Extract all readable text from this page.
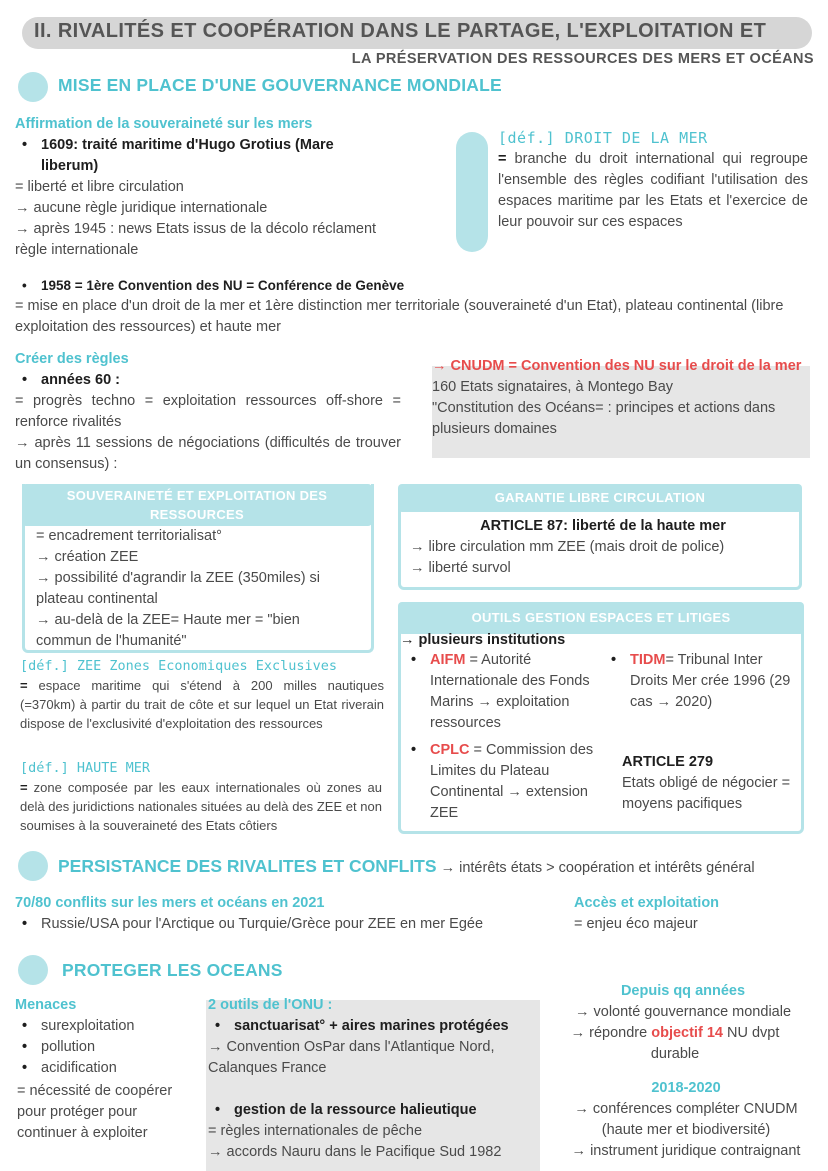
II. RIVALITÉS ET COOPÉRATION DANS LE PARTAGE, L'EXPLOITATION ET
LA PRÉSERVATION DES RESSOURCES DES MERS ET OCÉANS
MISE EN PLACE D'UNE GOUVERNANCE MONDIALE

Affirmation de la souveraineté sur les mers

• 1609: traité maritime d'Hugo Grotius (Mare liberum)

= liberté et libre circulation

→ aucune règle juridique internationale

→ après 1945 : news Etats issus de la décolo réclament règle internationale

[déf.] DROIT DE LA MER

= branche du droit international qui regroupe l'ensemble des règles codifiant l'utilisation des espaces maritime par les Etats et l'exercice de leur pouvoir sur ces espaces

• 1958 = 1ère Convention des NU = Conférence de Genève

= mise en place d'un droit de la mer et 1ère distinction mer territoriale (souveraineté d'un Etat), plateau continental (libre exploitation des ressources) et haute mer

Créer des règles

• années 60 :

= progrès techno = exploitation ressources off-shore = renforce rivalités

→ après 11 sessions de négociations (difficultés de trouver un consensus) :

→ CNUDM = Convention des NU sur le droit de la mer

160 Etats signataires, à Montego Bay

"Constitution des Océans= : principes et actions dans plusieurs domaines

SOUVERAINETÉ ET EXPLOITATION DES RESSOURCES

= encadrement territorialisat°

→ création ZEE

→ possibilité d'agrandir la ZEE (350miles) si plateau continental

→ au-delà de la ZEE= Haute mer = "bien commun de l'humanité"

[déf.] ZEE Zones Economiques Exclusives

= espace maritime qui s'étend à 200 milles nautiques (=370km) à partir du trait de côte et sur lequel un Etat riverain dispose de l'exclusivité d'exploitation des ressources

[déf.] HAUTE MER

= zone composée par les eaux internationales où zones au delà des juridictions nationales situées au delà des ZEE et non soumises à la souveraineté des Etats côtiers

GARANTIE LIBRE CIRCULATION

ARTICLE 87: liberté de la haute mer

→ libre circulation mm ZEE (mais droit de police)

→ liberté survol

OUTILS GESTION ESPACES ET LITIGES
→ plusieurs institutions

• AIFM = Autorité Internationale des Fonds Marins → exploitation ressources

• CPLC = Commission des Limites du Plateau Continental → extension ZEE

• TIDM= Tribunal Inter Droits Mer crée 1996 (29 cas → 2020)

ARTICLE 279

Etats obligé de négocier = moyens pacifiques

PERSISTANCE DES RIVALITES ET CONFLITS → intérêts états > coopération et intérêts général

70/80 conflits sur les mers et océans en 2021

• Russie/USA pour l'Arctique ou Turquie/Grèce pour ZEE en mer Egée

Accès et exploitation

= enjeu éco majeur

PROTEGER LES OCEANS

Menaces

• surexploitation

• pollution

• acidification

= nécessité de coopérer pour protéger pour continuer à exploiter

2 outils de l'ONU :

• sanctuarisat° + aires marines protégées

→ Convention OsPar dans l'Atlantique Nord, Calanques France

• gestion de la ressource halieutique

= règles internationales de pêche

→ accords Nauru dans le Pacifique Sud 1982

Depuis qq années

→ volonté gouvernance mondiale

→ répondre objectif 14 NU dvpt durable

2018-2020

→ conférences compléter CNUDM (haute mer et biodiversité)

→ instrument juridique contraignant
